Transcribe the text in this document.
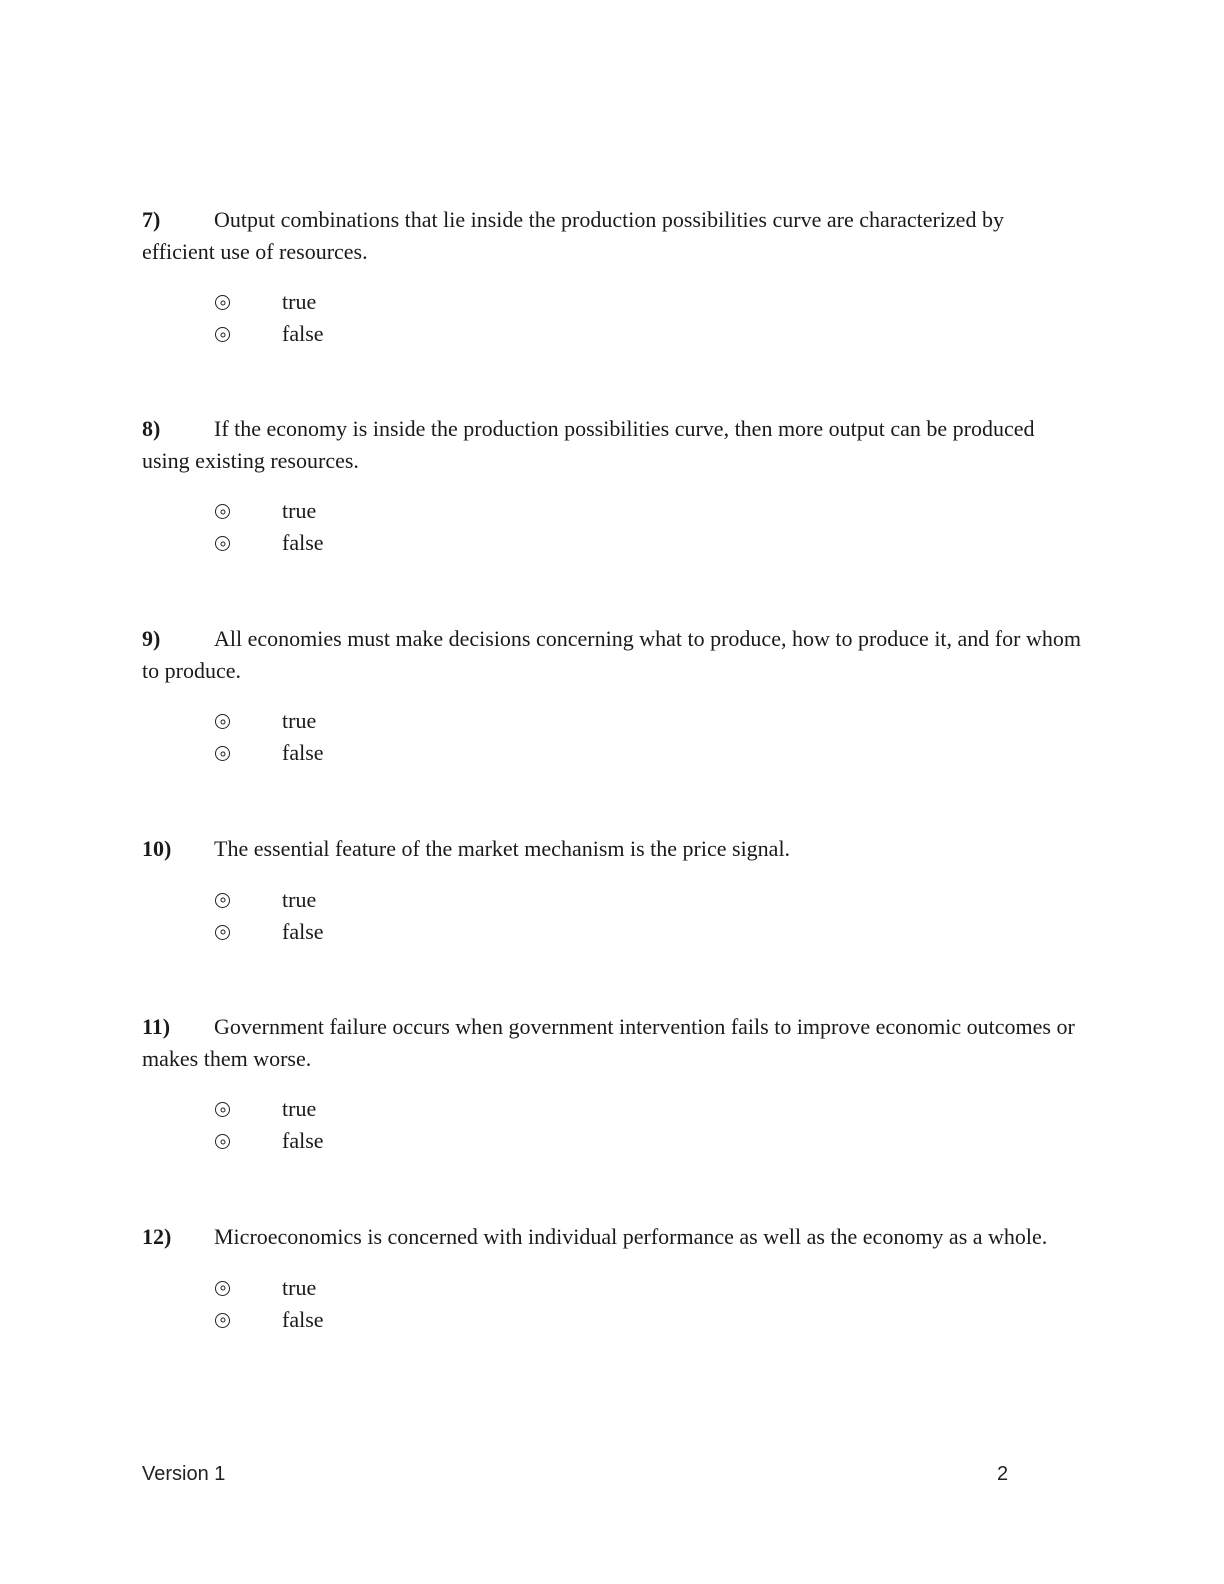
7) Output combinations that lie inside the production possibilities curve are characterized by efficient use of resources.

true
false

8) If the economy is inside the production possibilities curve, then more output can be produced using existing resources.

true
false

9) All economies must make decisions concerning what to produce, how to produce it, and for whom to produce.

true
false

10) The essential feature of the market mechanism is the price signal.

true
false

11) Government failure occurs when government intervention fails to improve economic outcomes or makes them worse.

true
false

12) Microeconomics is concerned with individual performance as well as the economy as a whole.

true
false
Version 1	2
